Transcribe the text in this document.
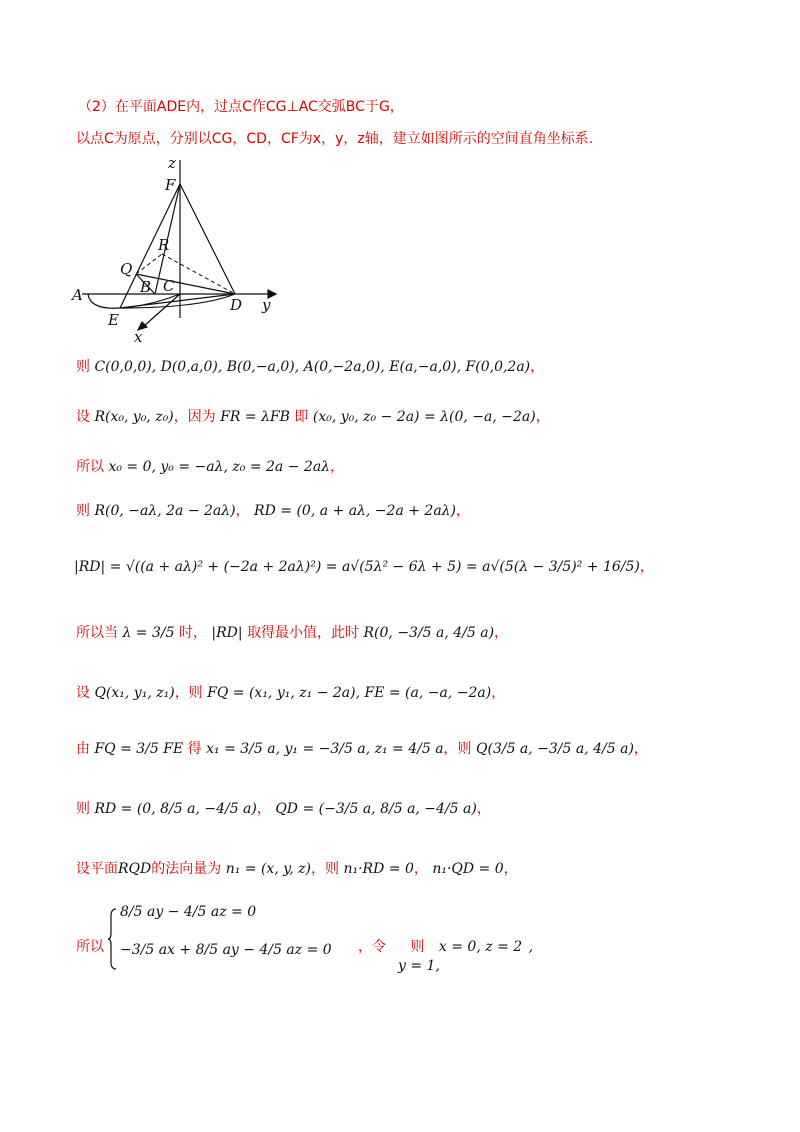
（2）在平面ADE内，过点C作CG⊥AC交弧BC于G，
以点C为原点，分别以CG，CD，CF为x，y，z轴，建立如图所示的空间直角坐标系.
z
F
R
Q
B C
A
D y
E
x
则 C(0,0,0), D(0,a,0), B(0,−a,0), A(0,−2a,0), E(a,−a,0), F(0,0,2a)，
设 R(x₀, y₀, z₀)，因为 FR = λFB 即 (x₀, y₀, z₀ − 2a) = λ(0, −a, −2a)，
所以 x₀ = 0, y₀ = −aλ, z₀ = 2a − 2aλ，
则 R(0, −aλ, 2a − 2aλ)， RD = (0, a + aλ, −2a + 2aλ)，
|RD| = √((a + aλ)² + (−2a + 2aλ)²) = a√(5λ² − 6λ + 5) = a√(5(λ − 3/5)² + 16/5)，
所以当 λ = 3/5 时， |RD| 取得最小值，此时 R(0, −3/5 a, 4/5 a)，
设 Q(x₁, y₁, z₁)，则 FQ = (x₁, y₁, z₁ − 2a), FE = (a, −a, −2a)，
由 FQ = 3/5 FE 得 x₁ = 3/5 a, y₁ = −3/5 a, z₁ = 4/5 a，则 Q(3/5 a, −3/5 a, 4/5 a)，
则 RD = (0, 8/5 a, −4/5 a)， QD = (−3/5 a, 8/5 a, −4/5 a)，
设平面RQD的法向量为 n₁ = (x, y, z)，则 n₁·RD = 0， n₁·QD = 0，
所以
8/5 ay − 4/5 az = 0
−3/5 ax + 8/5 ay − 4/5 az = 0 ，令 则 x = 0, z = 2 ,
y = 1,
